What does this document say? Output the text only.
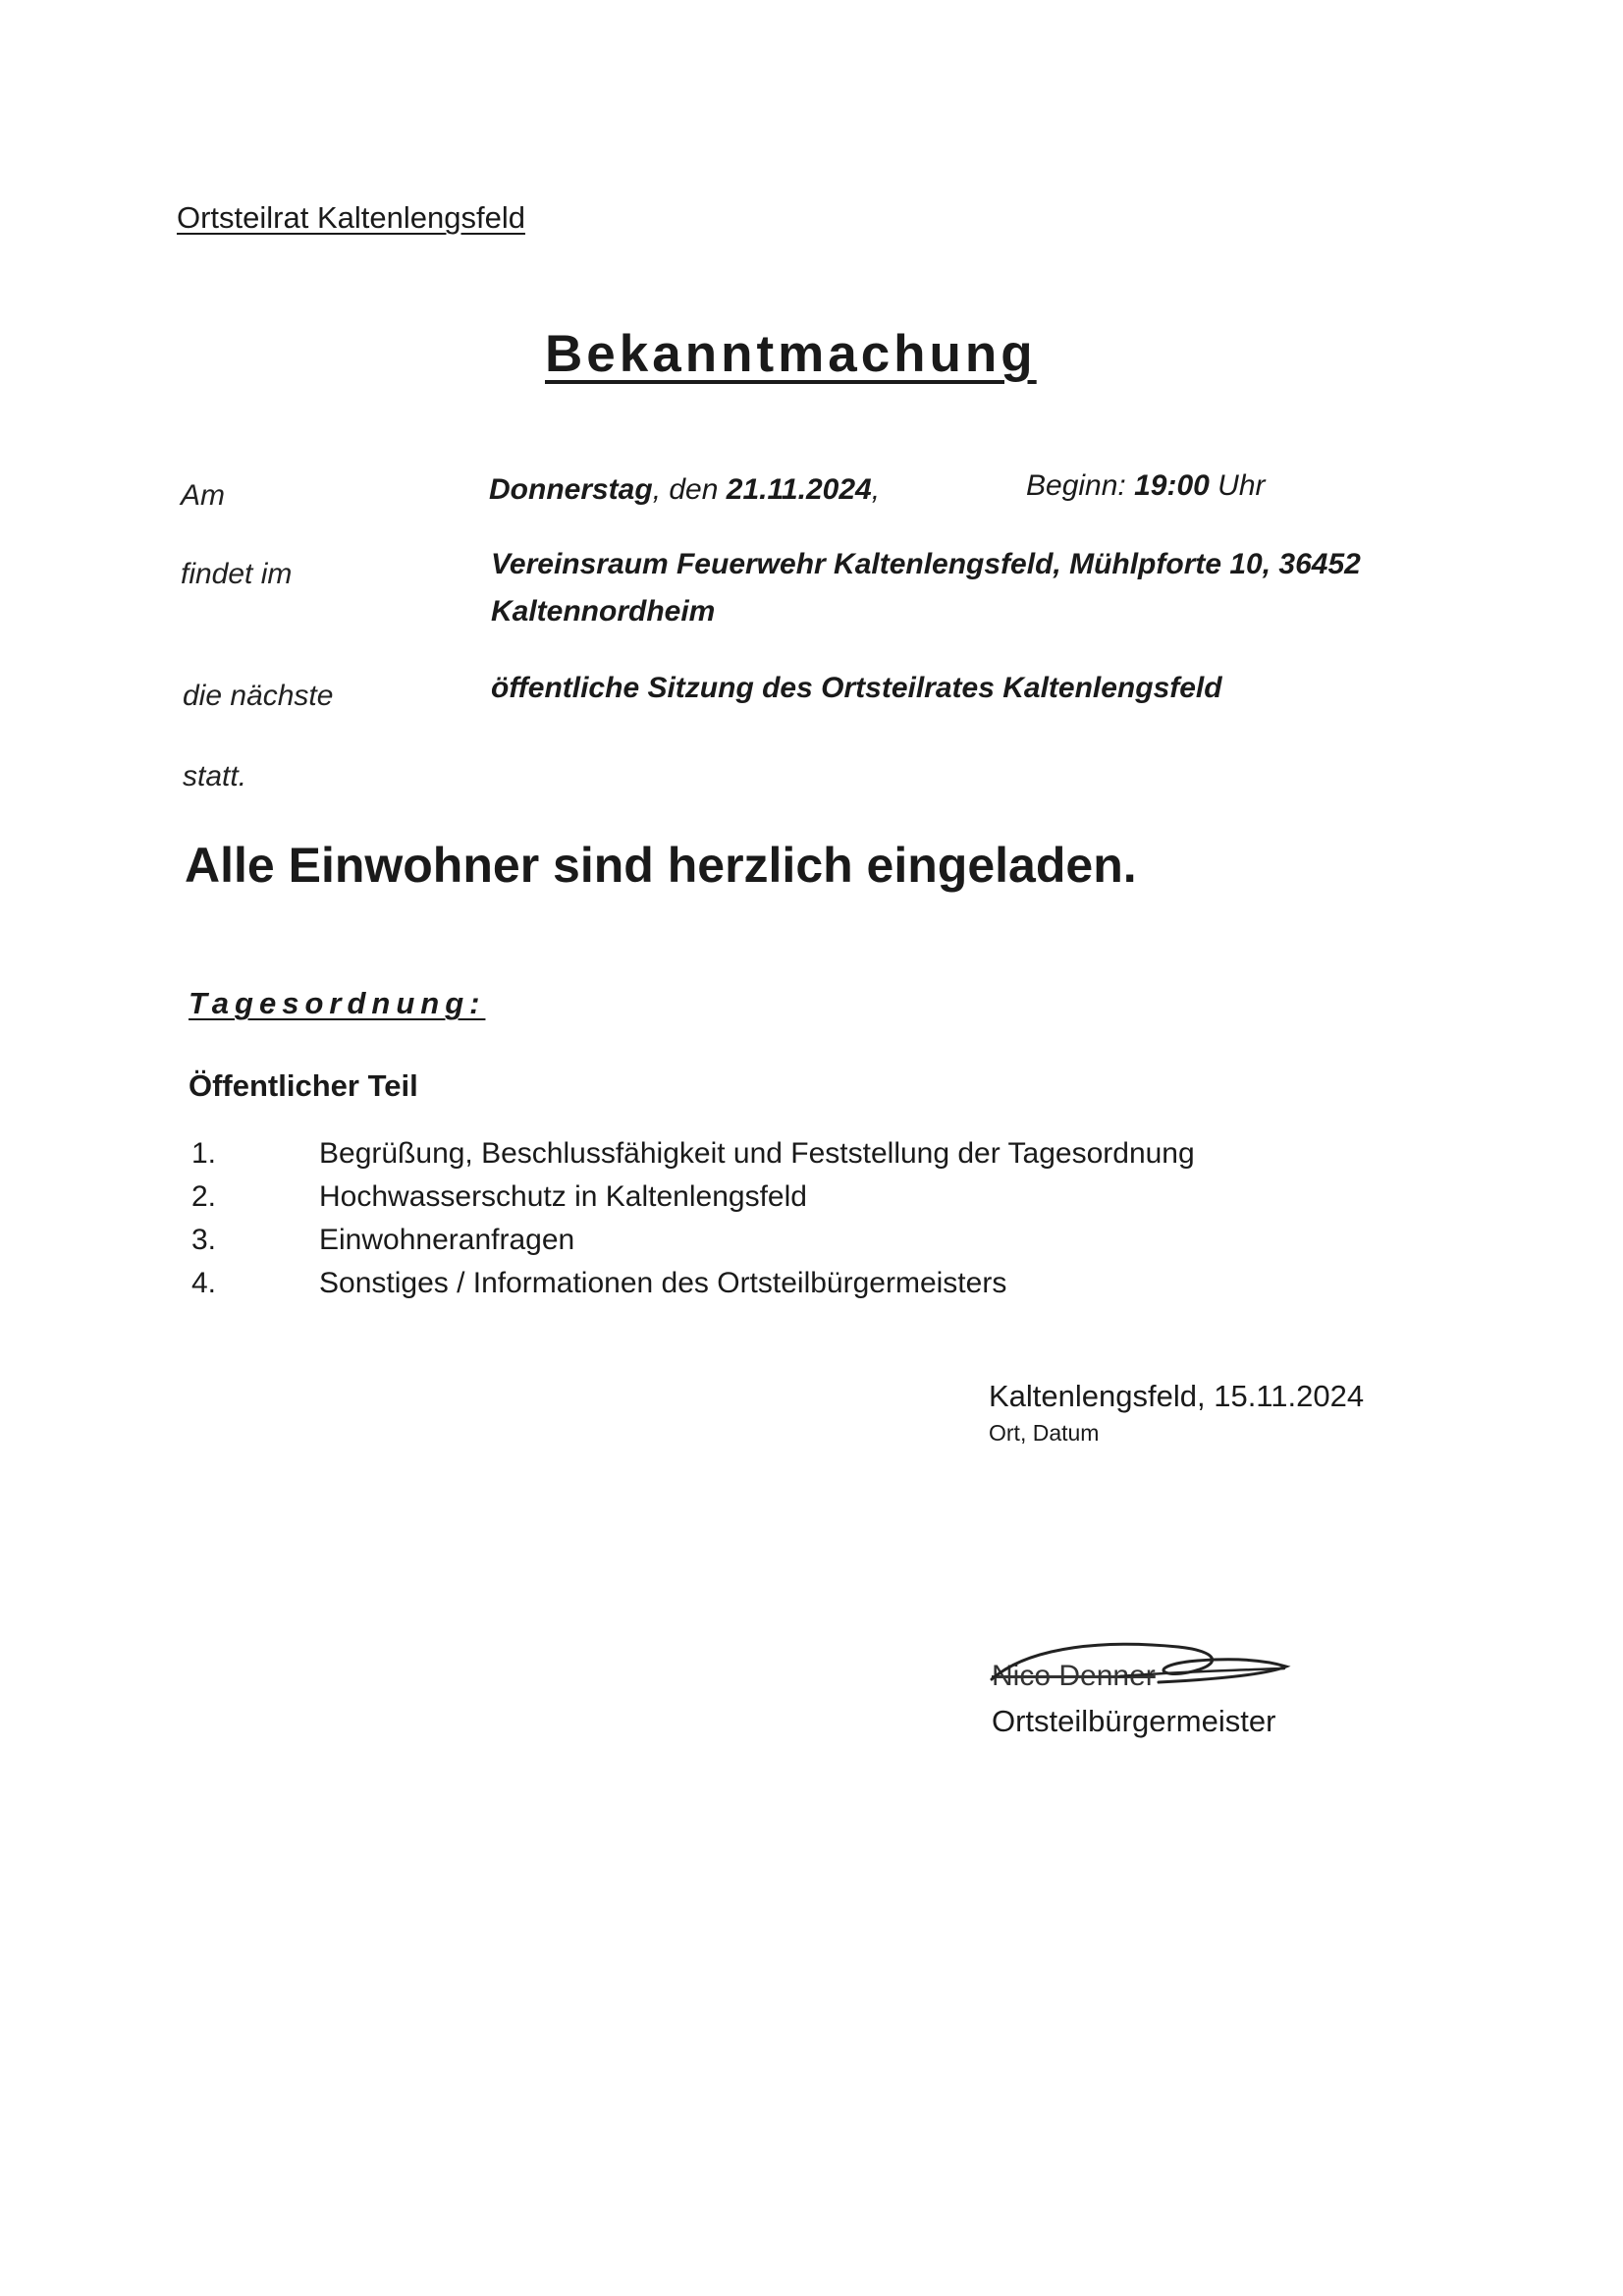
Ortsteilrat Kaltenlengsfeld
Bekanntmachung
Am	Donnerstag, den 21.11.2024,	Beginn: 19:00 Uhr
findet im	Vereinsraum Feuerwehr Kaltenlengsfeld, Mühlpforte 10, 36452
Kaltennordheim
die nächste	öffentliche Sitzung des Ortsteilrates Kaltenlengsfeld
statt.
Alle Einwohner sind herzlich eingeladen.
Tagesordnung:
Öffentlicher Teil
1.	Begrüßung, Beschlussfähigkeit und Feststellung der Tagesordnung
2.	Hochwasserschutz in Kaltenlengsfeld
3.	Einwohneranfragen
4.	Sonstiges / Informationen des Ortsteilbürgermeisters
Kaltenlengsfeld, 15.11.2024
Ort, Datum
Nico Denner
Ortsteilbürgermeister
